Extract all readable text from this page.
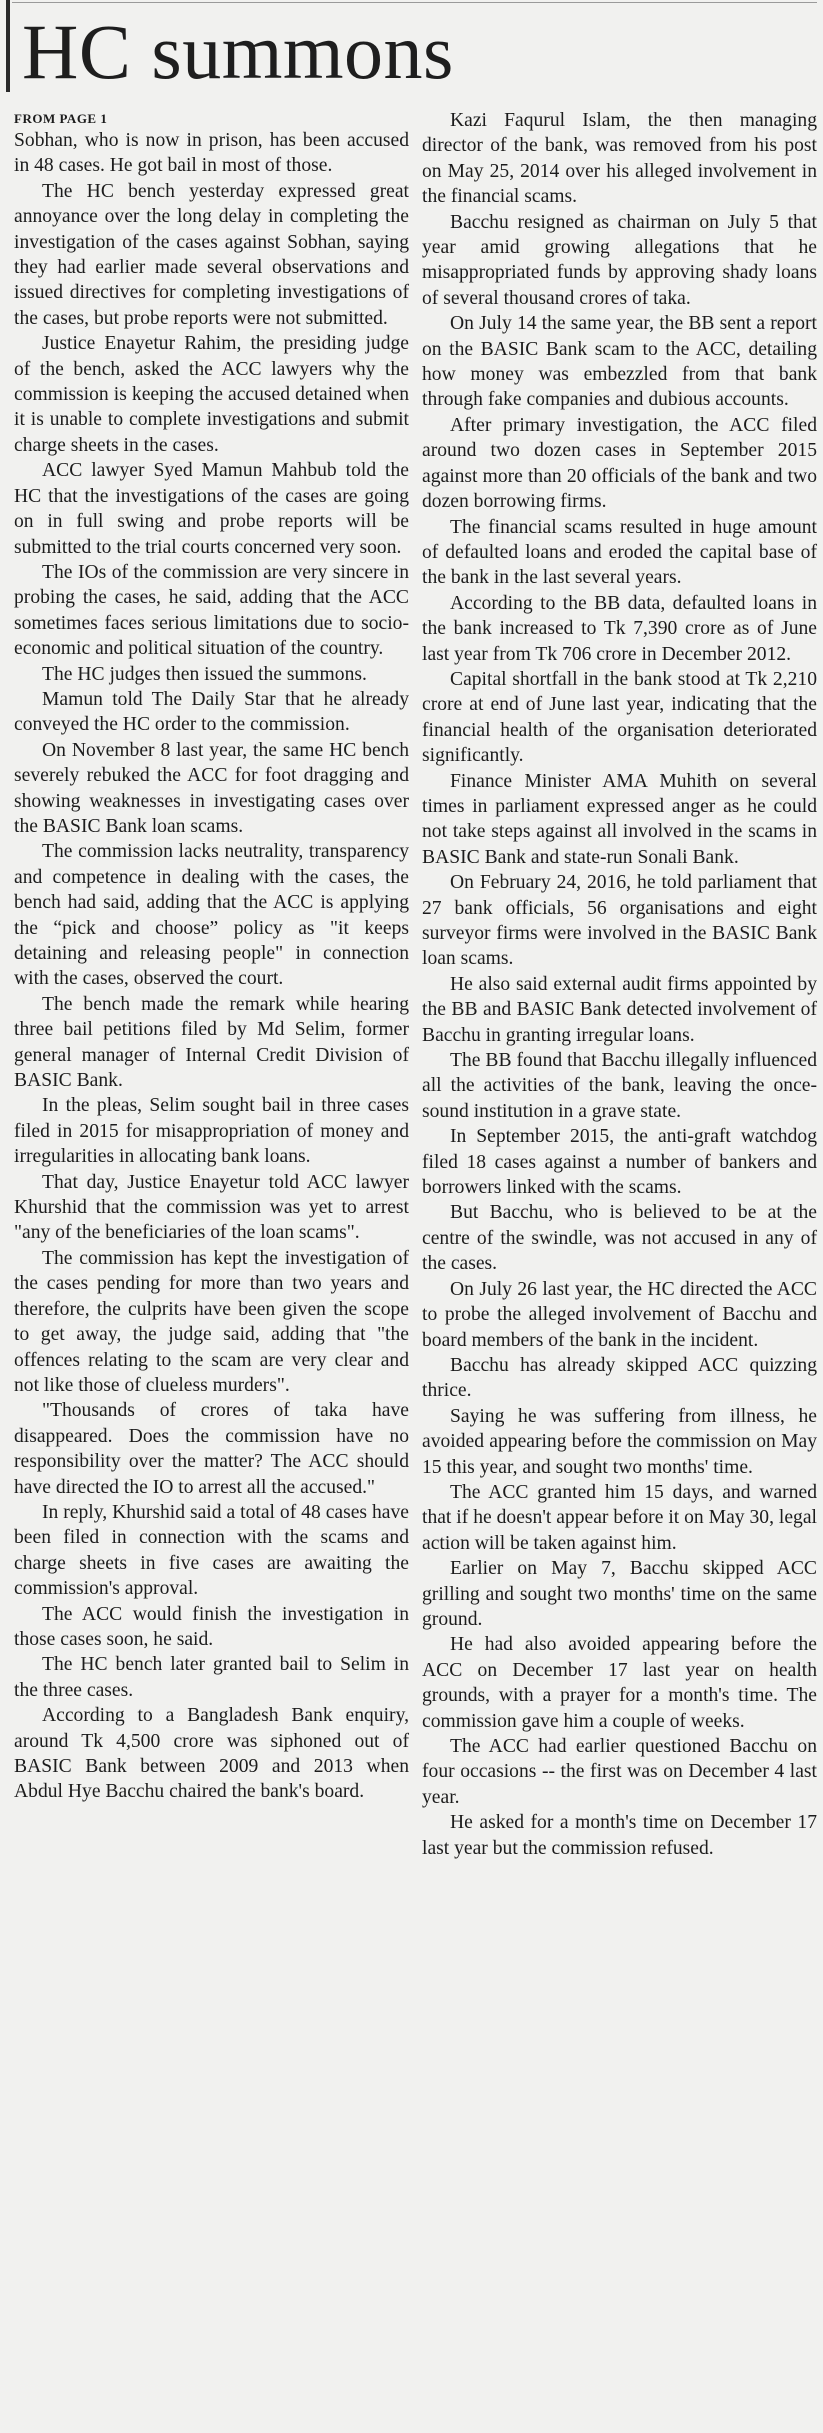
HC summons
FROM PAGE 1

Sobhan, who is now in prison, has been accused in 48 cases. He got bail in most of those.

The HC bench yesterday expressed great annoyance over the long delay in completing the investigation of the cases against Sobhan, saying they had earlier made several observations and issued directives for completing investigations of the cases, but probe reports were not submitted.

Justice Enayetur Rahim, the presiding judge of the bench, asked the ACC lawyers why the commission is keeping the accused detained when it is unable to complete investigations and submit charge sheets in the cases.

ACC lawyer Syed Mamun Mahbub told the HC that the investigations of the cases are going on in full swing and probe reports will be submitted to the trial courts concerned very soon.

The IOs of the commission are very sincere in probing the cases, he said, adding that the ACC sometimes faces serious limitations due to socio-economic and political situation of the country.

The HC judges then issued the summons.

Mamun told The Daily Star that he already conveyed the HC order to the commission.

On November 8 last year, the same HC bench severely rebuked the ACC for foot dragging and showing weaknesses in investigating cases over the BASIC Bank loan scams.

The commission lacks neutrality, transparency and competence in dealing with the cases, the bench had said, adding that the ACC is applying the “pick and choose” policy as "it keeps detaining and releasing people" in connection with the cases, observed the court.

The bench made the remark while hearing three bail petitions filed by Md Selim, former general manager of Internal Credit Division of BASIC Bank.

In the pleas, Selim sought bail in three cases filed in 2015 for misappropriation of money and irregularities in allocating bank loans.

That day, Justice Enayetur told ACC lawyer Khurshid that the commission was yet to arrest "any of the beneficiaries of the loan scams".

The commission has kept the investigation of the cases pending for more than two years and therefore, the culprits have been given the scope to get away, the judge said, adding that "the offences relating to the scam are very clear and not like those of clueless murders".

"Thousands of crores of taka have disappeared. Does the commission have no responsibility over the matter? The ACC should have directed the IO to arrest all the accused."

In reply, Khurshid said a total of 48 cases have been filed in connection with the scams and charge sheets in five cases are awaiting the commission's approval.

The ACC would finish the investigation in those cases soon, he said.

The HC bench later granted bail to Selim in the three cases.

According to a Bangladesh Bank enquiry, around Tk 4,500 crore was siphoned out of BASIC Bank between 2009 and 2013 when Abdul Hye Bacchu chaired the bank's board.

Kazi Faqurul Islam, the then managing director of the bank, was removed from his post on May 25, 2014 over his alleged involvement in the financial scams.

Bacchu resigned as chairman on July 5 that year amid growing allegations that he misappropriated funds by approving shady loans of several thousand crores of taka.

On July 14 the same year, the BB sent a report on the BASIC Bank scam to the ACC, detailing how money was embezzled from that bank through fake companies and dubious accounts.

After primary investigation, the ACC filed around two dozen cases in September 2015 against more than 20 officials of the bank and two dozen borrowing firms.

The financial scams resulted in huge amount of defaulted loans and eroded the capital base of the bank in the last several years.

According to the BB data, defaulted loans in the bank increased to Tk 7,390 crore as of June last year from Tk 706 crore in December 2012.

Capital shortfall in the bank stood at Tk 2,210 crore at end of June last year, indicating that the financial health of the organisation deteriorated significantly.

Finance Minister AMA Muhith on several times in parliament expressed anger as he could not take steps against all involved in the scams in BASIC Bank and state-run Sonali Bank.

On February 24, 2016, he told parliament that 27 bank officials, 56 organisations and eight surveyor firms were involved in the BASIC Bank loan scams.

He also said external audit firms appointed by the BB and BASIC Bank detected involvement of Bacchu in granting irregular loans.

The BB found that Bacchu illegally influenced all the activities of the bank, leaving the once-sound institution in a grave state.

In September 2015, the anti-graft watchdog filed 18 cases against a number of bankers and borrowers linked with the scams.

But Bacchu, who is believed to be at the centre of the swindle, was not accused in any of the cases.

On July 26 last year, the HC directed the ACC to probe the alleged involvement of Bacchu and board members of the bank in the incident.

Bacchu has already skipped ACC quizzing thrice.

Saying he was suffering from illness, he avoided appearing before the commission on May 15 this year, and sought two months' time.

The ACC granted him 15 days, and warned that if he doesn't appear before it on May 30, legal action will be taken against him.

Earlier on May 7, Bacchu skipped ACC grilling and sought two months' time on the same ground.

He had also avoided appearing before the ACC on December 17 last year on health grounds, with a prayer for a month's time. The commission gave him a couple of weeks.

The ACC had earlier questioned Bacchu on four occasions -- the first was on December 4 last year.

He asked for a month's time on December 17 last year but the commission refused.
